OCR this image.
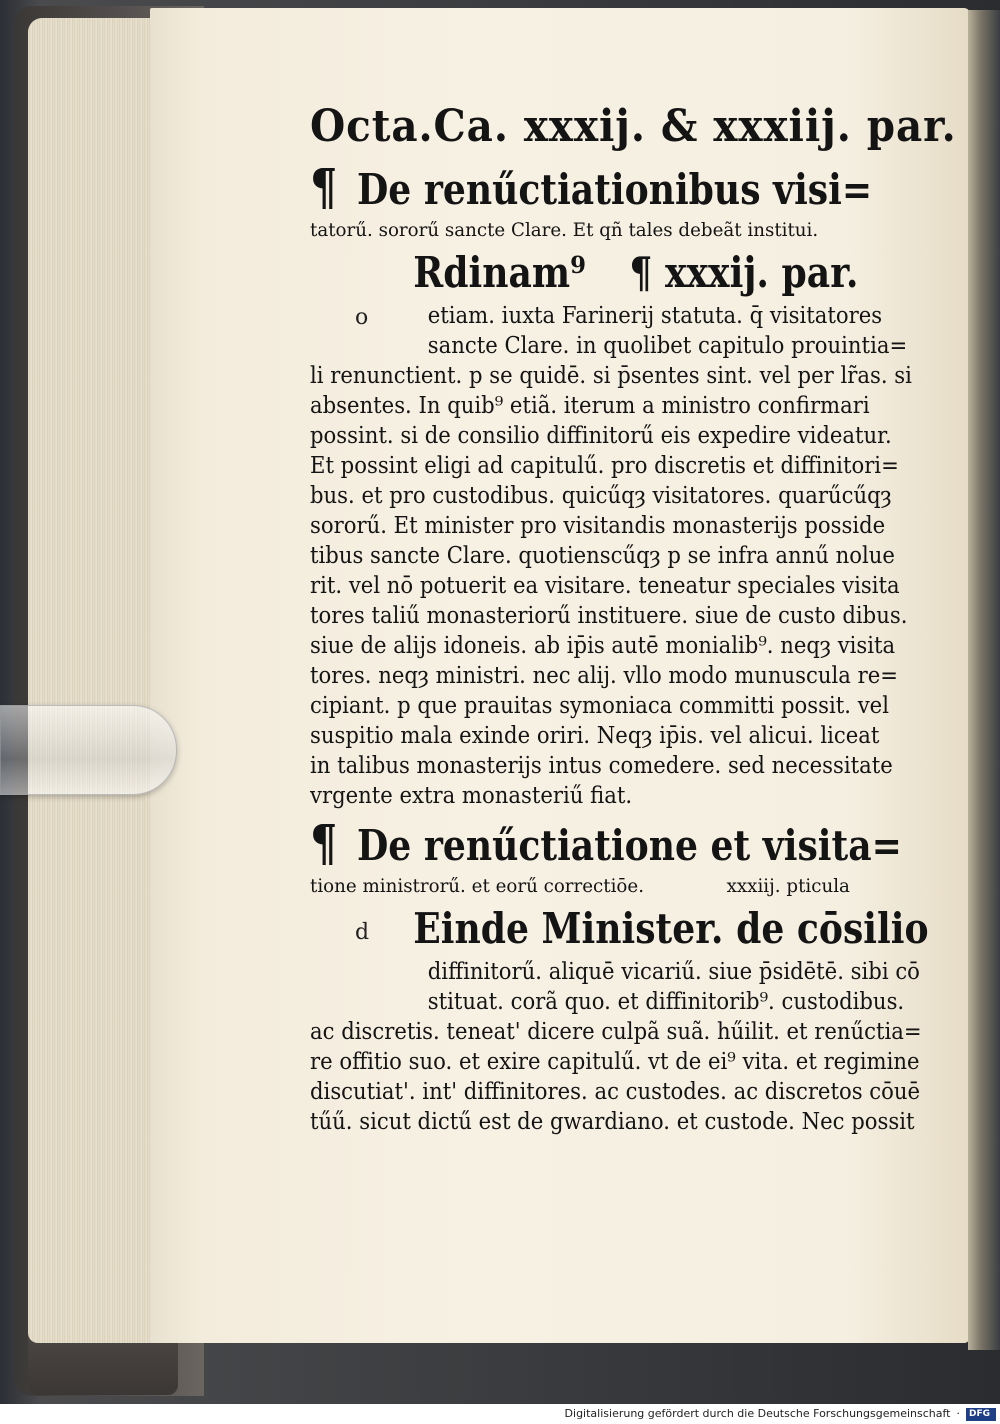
Octa.Ca. xxxij. & xxxiij. par.
¶ De renűctiationibus visi=
tatorű. sororű sancte Clare. Et qñ tales debeãt institui.
Rdinam⁹ ¶ xxxij. par.
etiam. iuxta Farinerij statuta. q̄ visitatores
sancte Clare. in quolibet capitulo prouintia=
li renunctient. p se quidē. si p̄sentes sint. vel per lr̃as. si
absentes. In quib⁹ etiã. iterum a ministro confirmari
possint. si de consilio diffinitorű eis expedire videatur.
Et possint eligi ad capitulű. pro discretis et diffinitori=
bus. et pro custodibus. quicűqȝ visitatores. quarűcűqȝ
sororű. Et minister pro visitandis monasterijs posside
tibus sancte Clare. quotienscűqȝ p se infra annű nolue
rit. vel nō potuerit ea visitare. teneatur speciales visita
tores taliű monasteriorű instituere. siue de custo dibus.
siue de alijs idoneis. ab ip̄is autē monialib⁹. neqȝ visita
tores. neqȝ ministri. nec alij. vllo modo munuscula re=
cipiant. p que prauitas symoniaca committi possit. vel
suspitio mala exinde oriri. Neqȝ ip̄is. vel alicui. liceat
in talibus monasterijs intus comedere. sed necessitate
vrgente extra monasteriű fiat.
¶ De renűctiatione et visita=
tione ministrorű. et eorű correctiōe.	xxxiij. pticula
Einde Minister. de cōsilio
diffinitorű. aliquē vicariű. siue p̄sidētē. sibi cō
stituat. corã quo. et diffinitorib⁹. custodibus.
ac discretis. teneat' dicere culpã suã. hűilit. et renűctia=
re offitio suo. et exire capitulű. vt de ei⁹ vita. et regimine
discutiat'. int' diffinitores. ac custodes. ac discretos cōuē
tűű. sicut dictű est de gwardiano. et custode. Nec possit
o
d
Digitalisierung gefördert durch die Deutsche Forschungsgemeinschaft · DFG
